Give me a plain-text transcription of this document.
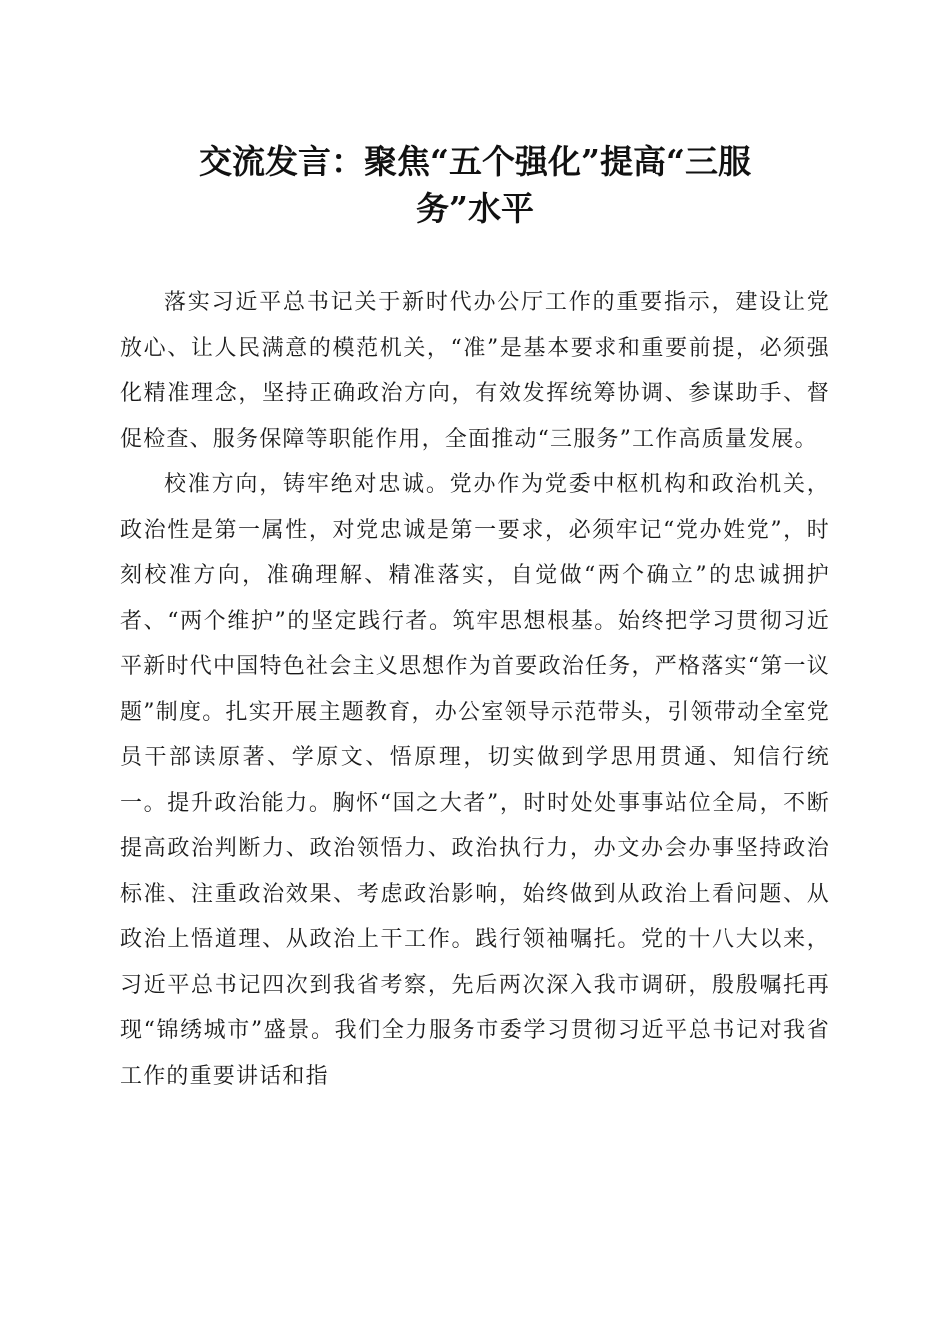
交流发言：聚焦“五个强化”提高“三服
务”水平

落实习近平总书记关于新时代办公厅工作的重要指示，建设让党放心、让人民满意的模范机关，“准”是基本要求和重要前提，必须强化精准理念，坚持正确政治方向，有效发挥统筹协调、参谋助手、督促检查、服务保障等职能作用，全面推动“三服务”工作高质量发展。

校准方向，铸牢绝对忠诚。党办作为党委中枢机构和政治机关，政治性是第一属性，对党忠诚是第一要求，必须牢记“党办姓党”，时刻校准方向，准确理解、精准落实，自觉做“两个确立”的忠诚拥护者、“两个维护”的坚定践行者。筑牢思想根基。始终把学习贯彻习近平新时代中国特色社会主义思想作为首要政治任务，严格落实“第一议题”制度。扎实开展主题教育，办公室领导示范带头，引领带动全室党员干部读原著、学原文、悟原理，切实做到学思用贯通、知信行统一。提升政治能力。胸怀“国之大者”，时时处处事事站位全局，不断提高政治判断力、政治领悟力、政治执行力，办文办会办事坚持政治标准、注重政治效果、考虑政治影响，始终做到从政治上看问题、从政治上悟道理、从政治上干工作。践行领袖嘱托。党的十八大以来，习近平总书记四次到我省考察，先后两次深入我市调研，殷殷嘱托再现“锦绣城市”盛景。我们全力服务市委学习贯彻习近平总书记对我省工作的重要讲话和指
